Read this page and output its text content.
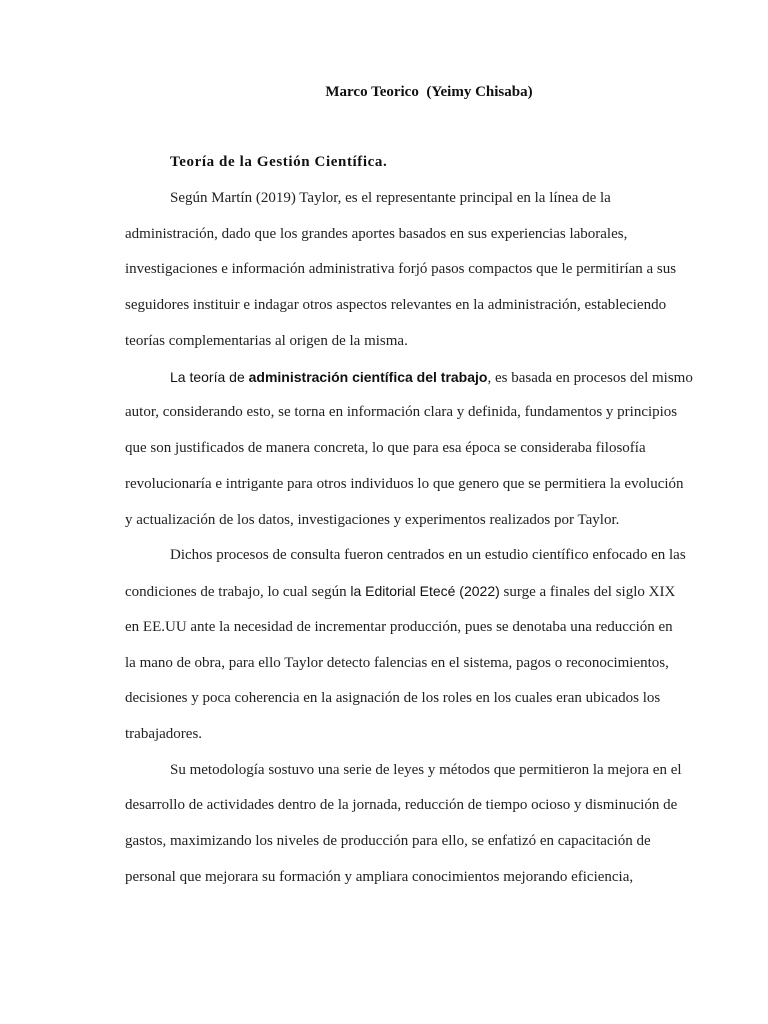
Marco Teorico  (Yeimy Chisaba)
Teoría de la Gestión Científica.
Según Martín (2019) Taylor, es el representante principal en la línea de la
administración, dado que los grandes aportes basados en sus experiencias laborales,
investigaciones e información administrativa forjó pasos compactos que le permitirían a sus
seguidores instituir e indagar otros aspectos relevantes en la administración, estableciendo
teorías complementarias al origen de la misma.
La teoría de administración científica del trabajo, es basada en procesos del mismo
autor, considerando esto, se torna en información clara y definida, fundamentos y principios
que son justificados de manera concreta, lo que para esa época se consideraba filosofía
revolucionaría e intrigante para otros individuos lo que genero que se permitiera la evolución
y actualización de los datos, investigaciones y experimentos realizados por Taylor.
Dichos procesos de consulta fueron centrados en un estudio científico enfocado en las
condiciones de trabajo, lo cual según la Editorial Etecé (2022) surge a finales del siglo XIX
en EE.UU ante la necesidad de incrementar producción, pues se denotaba una reducción en
la mano de obra, para ello Taylor detecto falencias en el sistema, pagos o reconocimientos,
decisiones y poca coherencia en la asignación de los roles en los cuales eran ubicados los
trabajadores.
Su metodología sostuvo una serie de leyes y métodos que permitieron la mejora en el
desarrollo de actividades dentro de la jornada, reducción de tiempo ocioso y disminución de
gastos, maximizando los niveles de producción para ello, se enfatizó en capacitación de
personal que mejorara su formación y ampliara conocimientos mejorando eficiencia,
